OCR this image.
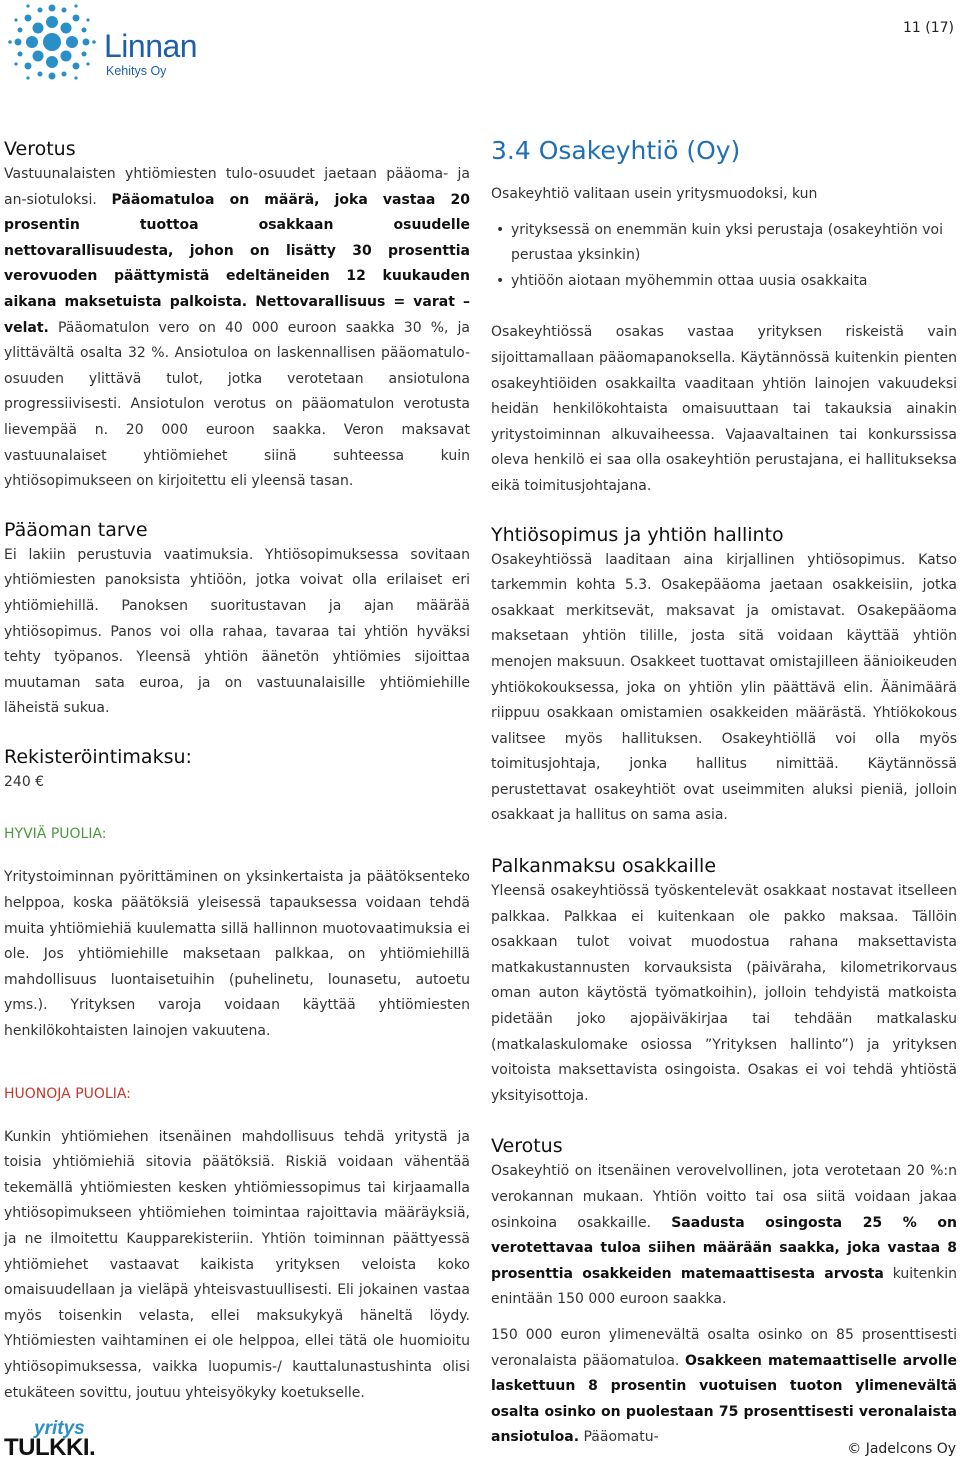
Linnan
Kehitys Oy
11 (17)
Verotus

Vastuunalaisten yhtiömiesten tulo-osuudet jaetaan pääoma- ja an-siotuloksi. Pääomatuloa on määrä, joka vastaa 20 prosentin tuottoa osakkaan osuudelle nettovarallisuudesta, johon on lisätty 30 prosenttia verovuoden päättymistä edeltäneiden 12 kuukauden aikana maksetuista palkoista. Nettovarallisuus = varat – velat. Pääomatulon vero on 40 000 euroon saakka 30 %, ja ylittävältä osalta 32 %. Ansiotuloa on laskennallisen pääomatulo-osuuden ylittävä tulot, jotka verotetaan ansiotulona progressiivisesti. Ansiotulon verotus on pääomatulon verotusta lievempää n. 20 000 euroon saakka. Veron maksavat vastuunalaiset yhtiömiehet siinä suhteessa kuin yhtiösopimukseen on kirjoitettu eli yleensä tasan.

Pääoman tarve

Ei lakiin perustuvia vaatimuksia. Yhtiösopimuksessa sovitaan yhtiömiesten panoksista yhtiöön, jotka voivat olla erilaiset eri yhtiömiehillä. Panoksen suoritustavan ja ajan määrää yhtiösopimus. Panos voi olla rahaa, tavaraa tai yhtiön hyväksi tehty työpanos. Yleensä yhtiön äänetön yhtiömies sijoittaa muutaman sata euroa, ja on vastuunalaisille yhtiömiehille läheistä sukua.

Rekisteröintimaksu:

240 €

HYVIÄ PUOLIA:

Yritystoiminnan pyörittäminen on yksinkertaista ja päätöksenteko helppoa, koska päätöksiä yleisessä tapauksessa voidaan tehdä muita yhtiömiehiä kuulematta sillä hallinnon muotovaatimuksia ei ole. Jos yhtiömiehille maksetaan palkkaa, on yhtiömiehillä mahdollisuus luontaisetuihin (puhelinetu, lounasetu, autoetu yms.). Yrityksen varoja voidaan käyttää yhtiömiesten henkilökohtaisten lainojen vakuutena.

HUONOJA PUOLIA:

Kunkin yhtiömiehen itsenäinen mahdollisuus tehdä yritystä ja toisia yhtiömiehiä sitovia päätöksiä. Riskiä voidaan vähentää tekemällä yhtiömiesten kesken yhtiömiessopimus tai kirjaamalla yhtiösopimukseen yhtiömiehen toimintaa rajoittavia määräyksiä, ja ne ilmoitettu Kaupparekisteriin. Yhtiön toiminnan päättyessä yhtiömiehet vastaavat kaikista yrityksen veloista koko omaisuudellaan ja vieläpä yhteisvastuullisesti. Eli jokainen vastaa myös toisenkin velasta, ellei maksukykyä häneltä löydy. Yhtiömiesten vaihtaminen ei ole helppoa, ellei tätä ole huomioitu yhtiösopimuksessa, vaikka luopumis-/ kauttalunastushinta olisi etukäteen sovittu, joutuu yhteisyökyky koetukselle.

3.4 Osakeyhtiö (Oy)

Osakeyhtiö valitaan usein yritysmuodoksi, kun

• yrityksessä on enemmän kuin yksi perustaja (osakeyhtiön voi perustaa yksinkin)
• yhtiöön aiotaan myöhemmin ottaa uusia osakkaita

Osakeyhtiössä osakas vastaa yrityksen riskeistä vain sijoittamallaan pääomapanoksella. Käytännössä kuitenkin pienten osakeyhtiöiden osakkailta vaaditaan yhtiön lainojen vakuudeksi heidän henkilökohtaista omaisuuttaan tai takauksia ainakin yritystoiminnan alkuvaiheessa. Vajaavaltainen tai konkurssissa oleva henkilö ei saa olla osakeyhtiön perustajana, ei hallitukseksa eikä toimitusjohtajana.

Yhtiösopimus ja yhtiön hallinto

Osakeyhtiössä laaditaan aina kirjallinen yhtiösopimus. Katso tarkemmin kohta 5.3. Osakepääoma jaetaan osakkeisiin, jotka osakkaat merkitsevät, maksavat ja omistavat. Osakepääoma maksetaan yhtiön tilille, josta sitä voidaan käyttää yhtiön menojen maksuun. Osakkeet tuottavat omistajilleen äänioikeuden yhtiökokouksessa, joka on yhtiön ylin päättävä elin. Äänimäärä riippuu osakkaan omistamien osakkeiden määrästä. Yhtiökokous valitsee myös hallituksen. Osakeyhtiöllä voi olla myös toimitusjohtaja, jonka hallitus nimittää. Käytännössä perustettavat osakeyhtiöt ovat useimmiten aluksi pieniä, jolloin osakkaat ja hallitus on sama asia.

Palkanmaksu osakkaille

Yleensä osakeyhtiössä työskentelevät osakkaat nostavat itselleen palkkaa. Palkkaa ei kuitenkaan ole pakko maksaa. Tällöin osakkaan tulot voivat muodostua rahana maksettavista matkakustannusten korvauksista (päiväraha, kilometrikorvaus oman auton käytöstä työmatkoihin), jolloin tehdyistä matkoista pidetään joko ajopäiväkirjaa tai tehdään matkalasku (matkalaskulomake osiossa ”Yrityksen hallinto”) ja yrityksen voitoista maksettavista osingoista. Osakas ei voi tehdä yhtiöstä yksityisottoja.

Verotus

Osakeyhtiö on itsenäinen verovelvollinen, jota verotetaan 20 %:n verokannan mukaan. Yhtiön voitto tai osa siitä voidaan jakaa osinkoina osakkaille. Saadusta osingosta 25 % on verotettavaa tuloa siihen määrään saakka, joka vastaa 8 prosenttia osakkeiden matemaattisesta arvosta kuitenkin enintään 150 000 euroon saakka.

150 000 euron ylimenevältä osalta osinko on 85 prosenttisesti veronalaista pääomatuloa. Osakkeen matemaattiselle arvolle laskettuun 8 prosentin vuotuisen tuoton ylimenevältä osalta osinko on puolestaan 75 prosenttisesti veronalaista ansiotuloa. Pääomatu-

yritys
TULKKI.	© Jadelcons Oy
